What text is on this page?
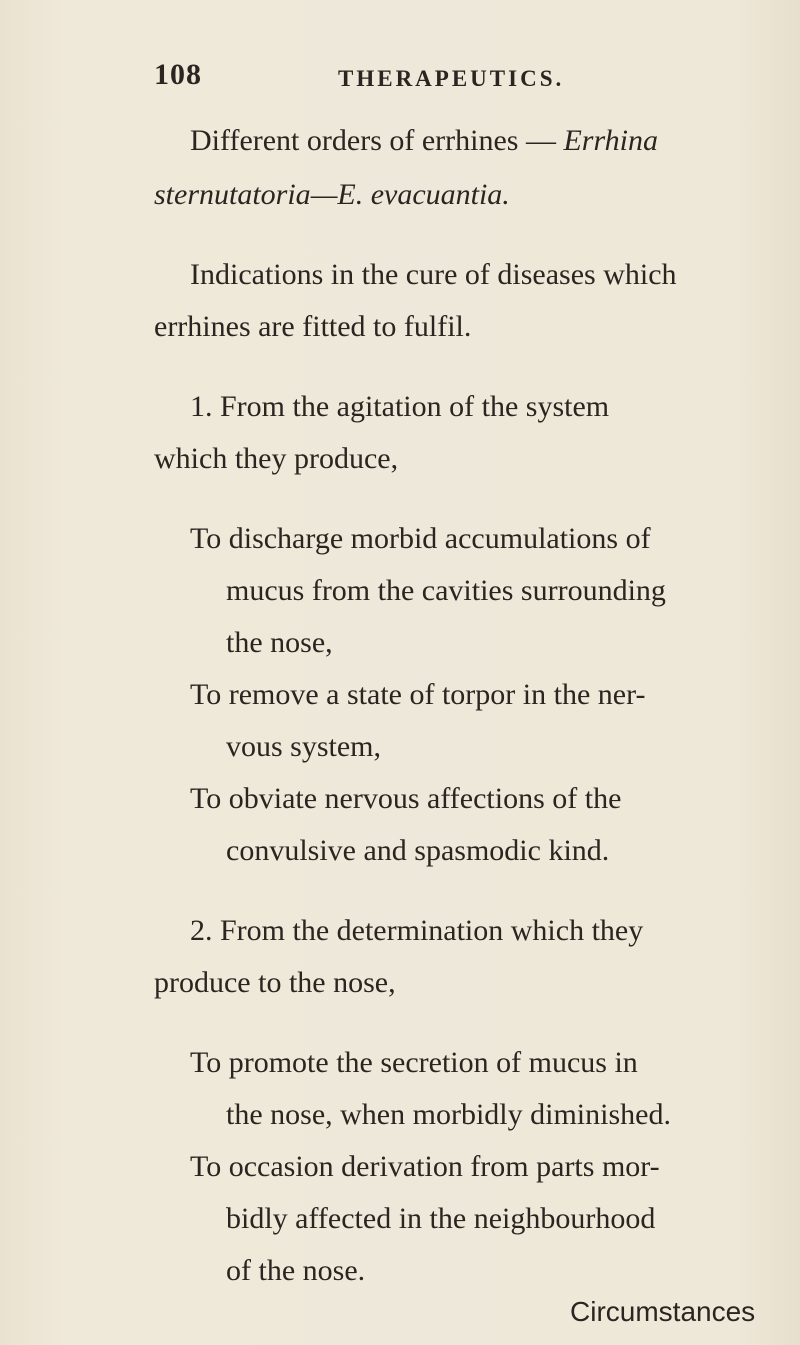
108	THERAPEUTICS.
Different orders of errhines — Errhina
sternutatoria—E. evacuantia.
Indications in the cure of diseases which
errhines are fitted to fulfil.
1. From the agitation of the system
which they produce,
To discharge morbid accumulations of
mucus from the cavities surrounding
the nose,
To remove a state of torpor in the ner-
vous system,
To obviate nervous affections of the
convulsive and spasmodic kind.
2. From the determination which they
produce to the nose,
To promote the secretion of mucus in
the nose, when morbidly diminished.
To occasion derivation from parts mor-
bidly affected in the neighbourhood
of the nose.
Circumstances
